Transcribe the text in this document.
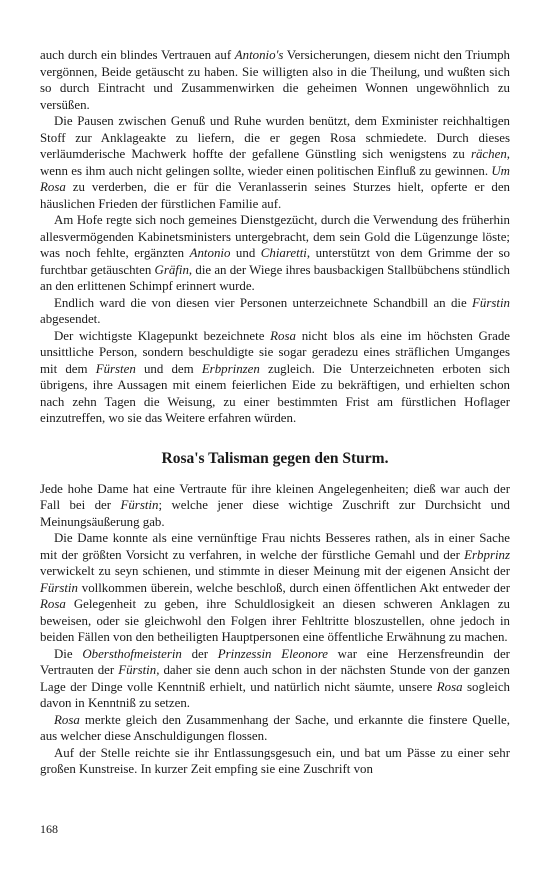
auch durch ein blindes Vertrauen auf Antonio's Versicherungen, diesem nicht den Triumph vergönnen, Beide getäuscht zu haben. Sie willigten also in die Theilung, und wußten sich so durch Eintracht und Zusammenwirken die geheimen Wonnen ungewöhnlich zu versüßen.

Die Pausen zwischen Genuß und Ruhe wurden benützt, dem Exminister reichhaltigen Stoff zur Anklageakte zu liefern, die er gegen Rosa schmiedete. Durch dieses verläumderische Machwerk hoffte der gefallene Günstling sich wenigstens zu rächen, wenn es ihm auch nicht gelingen sollte, wieder einen politischen Einfluß zu gewinnen. Um Rosa zu verderben, die er für die Veranlasserin seines Sturzes hielt, opferte er den häuslichen Frieden der fürstlichen Familie auf.

Am Hofe regte sich noch gemeines Dienstgezücht, durch die Verwendung des früherhin allesvermögenden Kabinetsministers untergebracht, dem sein Gold die Lügenzunge löste; was noch fehlte, ergänzten Antonio und Chiaretti, unterstützt von dem Grimme der so furchtbar getäuschten Gräfin, die an der Wiege ihres bausbackigen Stallbübchens stündlich an den erlittenen Schimpf erinnert wurde.

Endlich ward die von diesen vier Personen unterzeichnete Schandbill an die Fürstin abgesendet.

Der wichtigste Klagepunkt bezeichnete Rosa nicht blos als eine im höchsten Grade unsittliche Person, sondern beschuldigte sie sogar geradezu eines sträflichen Umganges mit dem Fürsten und dem Erbprinzen zugleich. Die Unterzeichneten erboten sich übrigens, ihre Aussagen mit einem feierlichen Eide zu bekräftigen, und erhielten schon nach zehn Tagen die Weisung, zu einer bestimmten Frist am fürstlichen Hoflager einzutreffen, wo sie das Weitere erfahren würden.

Rosa's Talisman gegen den Sturm.

Jede hohe Dame hat eine Vertraute für ihre kleinen Angelegenheiten; dieß war auch der Fall bei der Fürstin; welche jener diese wichtige Zuschrift zur Durchsicht und Meinungsäußerung gab.

Die Dame konnte als eine vernünftige Frau nichts Besseres rathen, als in einer Sache mit der größten Vorsicht zu verfahren, in welche der fürstliche Gemahl und der Erbprinz verwickelt zu seyn schienen, und stimmte in dieser Meinung mit der eigenen Ansicht der Fürstin vollkommen überein, welche beschloß, durch einen öffentlichen Akt entweder der Rosa Gelegenheit zu geben, ihre Schuldlosigkeit an diesen schweren Anklagen zu beweisen, oder sie gleichwohl den Folgen ihrer Fehltritte bloszustellen, ohne jedoch in beiden Fällen von den betheiligten Hauptpersonen eine öffentliche Erwähnung zu machen.

Die Obersthofmeisterin der Prinzessin Eleonore war eine Herzensfreundin der Vertrauten der Fürstin, daher sie denn auch schon in der nächsten Stunde von der ganzen Lage der Dinge volle Kenntniß erhielt, und natürlich nicht säumte, unsere Rosa sogleich davon in Kenntniß zu setzen.

Rosa merkte gleich den Zusammenhang der Sache, und erkannte die finstere Quelle, aus welcher diese Anschuldigungen flossen.

Auf der Stelle reichte sie ihr Entlassungsgesuch ein, und bat um Pässe zu einer sehr großen Kunstreise. In kurzer Zeit empfing sie eine Zuschrift von

168
